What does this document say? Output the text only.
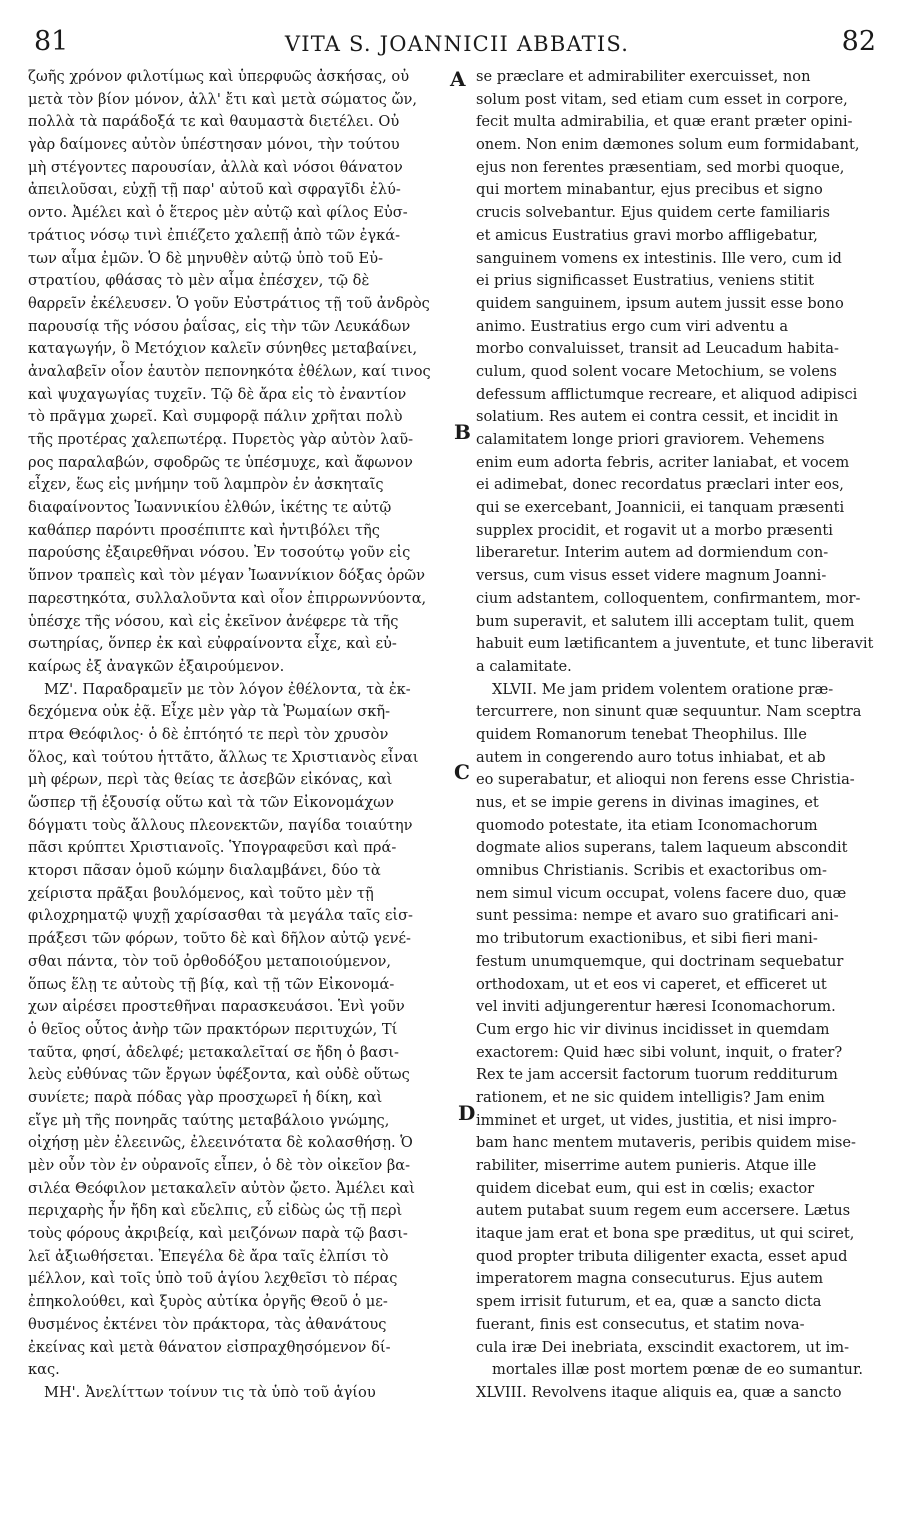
81	VITA S. JOANNICII ABBATIS.	82
ζωῆς χρόνον φιλοτίμως καὶ ὑπερφυῶς ἀσκήσας, οὐ
μετὰ τὸν βίον μόνον, ἀλλ' ἔτι καὶ μετὰ σώματος ὤν,
πολλὰ τὰ παράδοξά τε καὶ θαυμαστὰ διετέλει. Οὐ
γὰρ δαίμονες αὐτὸν ὑπέστησαν μόνοι, τὴν τούτου
μὴ στέγοντες παρουσίαν, ἀλλὰ καὶ νόσοι θάνατον
ἀπειλοῦσαι, εὐχῇ τῇ παρ' αὐτοῦ καὶ σφραγῖδι ἐλύ-
οντο. Ἀμέλει καὶ ὁ ἕτερος μὲν αὐτῷ καὶ φίλος Εὐσ-
τράτιος νόσῳ τινὶ ἐπιέζετο χαλεπῇ ἀπὸ τῶν ἐγκά-
των αἷμα ἐμῶν. Ὁ δὲ μηνυθὲν αὐτῷ ὑπὸ τοῦ Εὐ-
στρατίου, φθάσας τὸ μὲν αἷμα ἐπέσχεν, τῷ δὲ
θαρρεῖν ἐκέλευσεν. Ὁ γοῦν Εὐστράτιος τῇ τοῦ ἀνδρὸς
παρουσίᾳ τῆς νόσου ῥαΐσας, εἰς τὴν τῶν Λευκάδων
καταγωγήν, ὃ Μετόχιον καλεῖν σύνηθες μεταβαίνει,
ἀναλαβεῖν οἷον ἑαυτὸν πεπονηκότα ἐθέλων, καί τινος
καὶ ψυχαγωγίας τυχεῖν. Τῷ δὲ ἄρα εἰς τὸ ἐναντίον
τὸ πρᾶγμα χωρεῖ. Καὶ συμφορᾷ πάλιν χρῆται πολὺ
τῆς προτέρας χαλεπωτέρᾳ. Πυρετὸς γὰρ αὐτὸν λαῦ-
ρος παραλαβών, σφοδρῶς τε ὑπέσμυχε, καὶ ἄφωνον
εἶχεν, ἕως εἰς μνήμην τοῦ λαμπρὸν ἐν ἀσκηταῖς
διαφαίνοντος Ἰωαννικίου ἐλθών, ἱκέτης τε αὐτῷ
καθάπερ παρόντι προσέπιπτε καὶ ἠντιβόλει τῆς
παρούσης ἐξαιρεθῆναι νόσου. Ἐν τοσούτῳ γοῦν εἰς
ὕπνον τραπεὶς καὶ τὸν μέγαν Ἰωαννίκιον δόξας ὁρῶν
παρεστηκότα, συλλαλοῦντα καὶ οἷον ἐπιρρωννύοντα,
ὑπέσχε τῆς νόσου, καὶ εἰς ἐκεῖνον ἀνέφερε τὰ τῆς
σωτηρίας, ὅνπερ ἐκ καὶ εὐφραίνοντα εἶχε, καὶ εὐ-
καίρως ἐξ ἀναγκῶν ἐξαιρούμενον.
ΜΖ'. Παραδραμεῖν με τὸν λόγον ἐθέλοντα, τὰ ἐκ-
δεχόμενα οὐκ ἐᾷ. Εἶχε μὲν γὰρ τὰ Ῥωμαίων σκῆ-
πτρα Θεόφιλος· ὁ δὲ ἐπτόητό τε περὶ τὸν χρυσὸν
ὅλος, καὶ τούτου ἡττᾶτο, ἄλλως τε Χριστιανὸς εἶναι
μὴ φέρων, περὶ τὰς θείας τε ἀσεβῶν εἰκόνας, καὶ
ὥσπερ τῇ ἐξουσίᾳ οὕτω καὶ τὰ τῶν Εἰκονομάχων
δόγματι τοὺς ἄλλους πλεονεκτῶν, παγίδα τοιαύτην
πᾶσι κρύπτει Χριστιανοῖς. Ὑπογραφεῦσι καὶ πρά-
κτορσι πᾶσαν ὁμοῦ κώμην διαλαμβάνει, δύο τὰ
χείριστα πρᾶξαι βουλόμενος, καὶ τοῦτο μὲν τῇ
φιλοχρηματῷ ψυχῇ χαρίσασθαι τὰ μεγάλα ταῖς εἰσ-
πράξεσι τῶν φόρων, τοῦτο δὲ καὶ δῆλον αὐτῷ γενέ-
σθαι πάντα, τὸν τοῦ ὀρθοδόξου μεταποιούμενον,
ὅπως ἕλῃ τε αὐτοὺς τῇ βίᾳ, καὶ τῇ τῶν Εἰκονομά-
χων αἱρέσει προστεθῆναι παρασκευάσοι. Ἑνὶ γοῦν
ὁ θεῖος οὗτος ἀνὴρ τῶν πρακτόρων περιτυχών, Τί
ταῦτα, φησί, ἀδελφέ; μετακαλεῖταί σε ἤδη ὁ βασι-
λεὺς εὐθύνας τῶν ἔργων ὑφέξοντα, καὶ οὐδὲ οὕτως
συνίετε; παρὰ πόδας γὰρ προσχωρεῖ ἡ δίκη, καὶ
εἴγε μὴ τῆς πονηρᾶς ταύτης μεταβάλοιο γνώμης,
οἰχήσῃ μὲν ἐλεεινῶς, ἐλεεινότατα δὲ κολασθήσῃ. Ὁ
μὲν οὖν τὸν ἐν οὐρανοῖς εἶπεν, ὁ δὲ τὸν οἰκεῖον βα-
σιλέα Θεόφιλον μετακαλεῖν αὐτὸν ᾤετο. Ἀμέλει καὶ
περιχαρὴς ἦν ἤδη καὶ εὔελπις, εὖ εἰδὼς ὡς τῇ περὶ
τοὺς φόρους ἀκριβείᾳ, καὶ μειζόνων παρὰ τῷ βασι-
λεῖ ἀξιωθήσεται. Ἐπεγέλα δὲ ἄρα ταῖς ἐλπίσι τὸ
μέλλον, καὶ τοῖς ὑπὸ τοῦ ἁγίου λεχθεῖσι τὸ πέρας
ἐπηκολούθει, καὶ ξυρὸς αὐτίκα ὀργῆς Θεοῦ ὁ με-
θυσμένος ἐκτένει τὸν πράκτορα, τὰς ἀθανάτους
ἐκείνας καὶ μετὰ θάνατον εἰσπραχθησόμενον δί-
κας.
ΜΗ'. Ἀνελίττων τοίνυν τις τὰ ὑπὸ τοῦ ἁγίου
A
B
C
D
se præclare et admirabiliter exercuisset, non
solum post vitam, sed etiam cum esset in corpore,
fecit multa admirabilia, et quæ erant præter opini-
onem. Non enim dæmones solum eum formidabant,
ejus non ferentes præsentiam, sed morbi quoque,
qui mortem minabantur, ejus precibus et signo
crucis solvebantur. Ejus quidem certe familiaris
et amicus Eustratius gravi morbo affligebatur,
sanguinem vomens ex intestinis. Ille vero, cum id
ei prius significasset Eustratius, veniens stitit
quidem sanguinem, ipsum autem jussit esse bono
animo. Eustratius ergo cum viri adventu a
morbo convaluisset, transit ad Leucadum habita-
culum, quod solent vocare Metochium, se volens
defessum afflictumque recreare, et aliquod adipisci
solatium. Res autem ei contra cessit, et incidit in
calamitatem longe priori graviorem. Vehemens
enim eum adorta febris, acriter laniabat, et vocem
ei adimebat, donec recordatus præclari inter eos,
qui se exercebant, Joannicii, ei tanquam præsenti
supplex procidit, et rogavit ut a morbo præsenti
liberaretur. Interim autem ad dormiendum con-
versus, cum visus esset videre magnum Joanni-
cium adstantem, colloquentem, confirmantem, mor-
bum superavit, et salutem illi acceptam tulit, quem
habuit eum lætificantem a juventute, et tunc liberavit
a calamitate.
XLVII. Me jam pridem volentem oratione præ-
tercurrere, non sinunt quæ sequuntur. Nam sceptra
quidem Romanorum tenebat Theophilus. Ille
autem in congerendo auro totus inhiabat, et ab
eo superabatur, et alioqui non ferens esse Christia-
nus, et se impie gerens in divinas imagines, et
quomodo potestate, ita etiam Iconomachorum
dogmate alios superans, talem laqueum abscondit
omnibus Christianis. Scribis et exactoribus om-
nem simul vicum occupat, volens facere duo, quæ
sunt pessima: nempe et avaro suo gratificari ani-
mo tributorum exactionibus, et sibi fieri mani-
festum unumquemque, qui doctrinam sequebatur
orthodoxam, ut et eos vi caperet, et efficeret ut
vel inviti adjungerentur hæresi Iconomachorum.
Cum ergo hic vir divinus incidisset in quemdam
exactorem: Quid hæc sibi volunt, inquit, o frater?
Rex te jam accersit factorum tuorum redditurum
rationem, et ne sic quidem intelligis? Jam enim
imminet et urget, ut vides, justitia, et nisi impro-
bam hanc mentem mutaveris, peribis quidem mise-
rabiliter, miserrime autem punieris. Atque ille
quidem dicebat eum, qui est in cœlis; exactor
autem putabat suum regem eum accersere. Lætus
itaque jam erat et bona spe præditus, ut qui sciret,
quod propter tributa diligenter exacta, esset apud
imperatorem magna consecuturus. Ejus autem
spem irrisit futurum, et ea, quæ a sancto dicta
fuerant, finis est consecutus, et statim nova-
cula iræ Dei inebriata, exscindit exactorem, ut im-
mortales illæ post mortem pœnæ de eo sumantur.
XLVIII. Revolvens itaque aliquis ea, quæ a sancto
